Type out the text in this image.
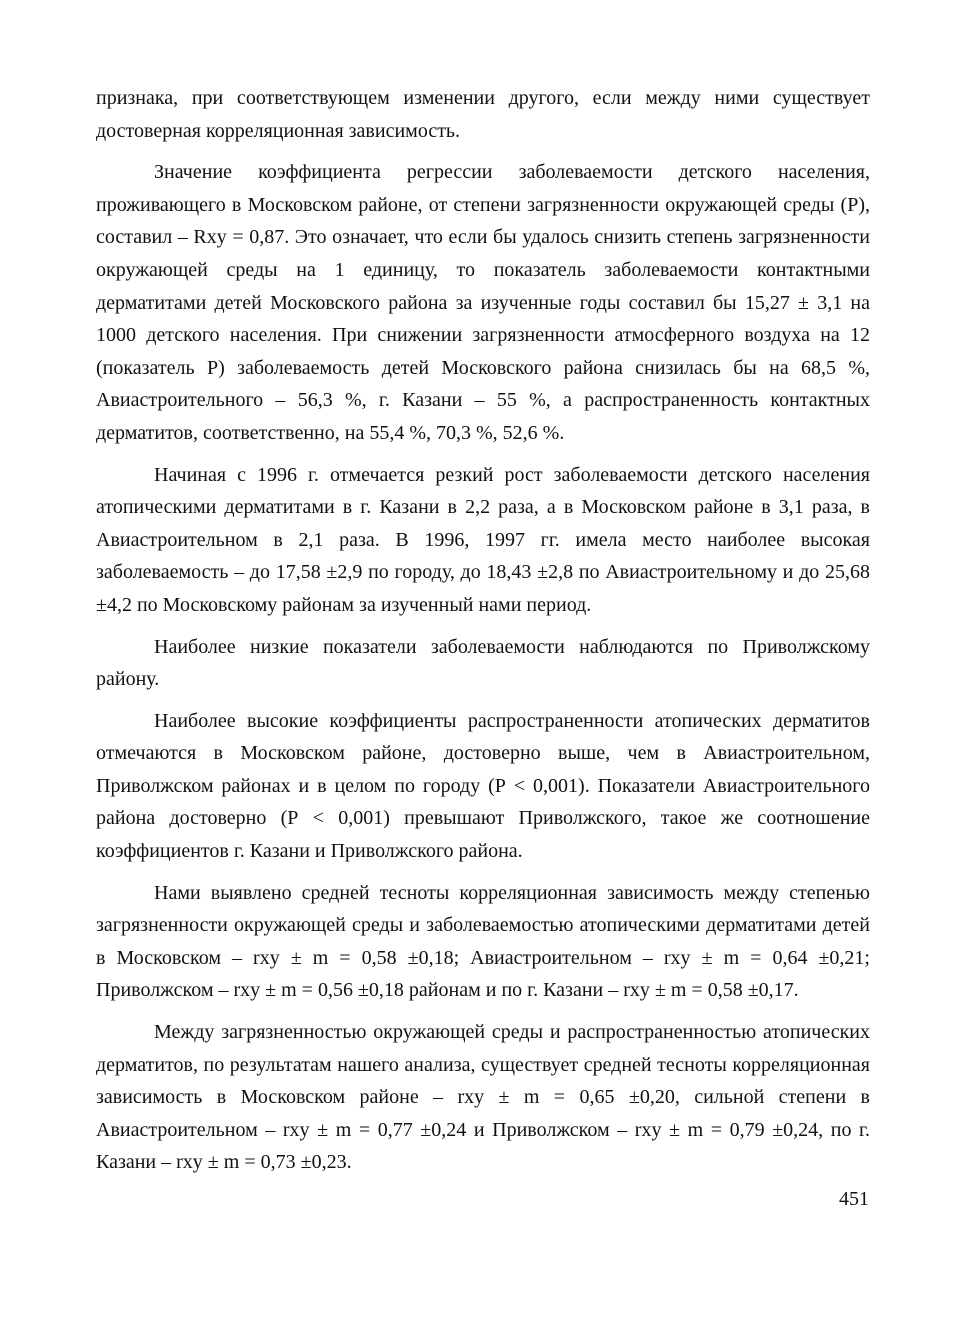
признака, при соответствующем изменении другого, если между ними существует достоверная корреляционная зависимость.

Значение коэффициента регрессии заболеваемости детского населения, проживающего в Московском районе, от степени загрязненности окружающей среды (Р), составил – Rxy = 0,87. Это означает, что если бы удалось снизить степень загрязненности окружающей среды на 1 единицу, то показатель заболеваемости контактными дерматитами детей Московского района за изученные годы составил бы 15,27 ± 3,1 на 1000 детского населения. При снижении загрязненности атмосферного воздуха на 12 (показатель Р) заболеваемость детей Московского района снизилась бы на 68,5 %, Авиастроительного – 56,3 %, г. Казани – 55 %, а распространенность контактных дерматитов, соответственно, на 55,4 %, 70,3 %, 52,6 %.

Начиная с 1996 г. отмечается резкий рост заболеваемости детского населения атопическими дерматитами в г. Казани в 2,2 раза, а в Московском районе в 3,1 раза, в Авиастроительном в 2,1 раза. В 1996, 1997 гг. имела место наиболее высокая заболеваемость – до 17,58 ±2,9 по городу, до 18,43 ±2,8 по Авиастроительному и до 25,68 ±4,2 по Московскому районам за изученный нами период.

Наиболее низкие показатели заболеваемости наблюдаются по Приволжскому району.

Наиболее высокие коэффициенты распространенности атопических дерматитов отмечаются в Московском районе, достоверно выше, чем в Авиастроительном, Приволжском районах и в целом по городу (Р < 0,001). Показатели Авиастроительного района достоверно (Р < 0,001) превышают Приволжского, такое же соотношение коэффициентов г. Казани и Приволжского района.

Нами выявлено средней тесноты корреляционная зависимость между степенью загрязненности окружающей среды и заболеваемостью атопическими дерматитами детей в Московском – rxy ± m = 0,58 ±0,18; Авиастроительном – rxy ± m = 0,64 ±0,21; Приволжском – rxy ± m = 0,56 ±0,18 районам и по г. Казани – rxy ± m = 0,58 ±0,17.

Между загрязненностью окружающей среды и распространенностью атопических дерматитов, по результатам нашего анализа, существует средней тесноты корреляционная зависимость в Московском районе – rxy ± m = 0,65 ±0,20, сильной степени в Авиастроительном – rxy ± m = 0,77 ±0,24 и Приволжском – rxy ± m = 0,79 ±0,24, по г. Казани – rxy ± m = 0,73 ±0,23.

451
